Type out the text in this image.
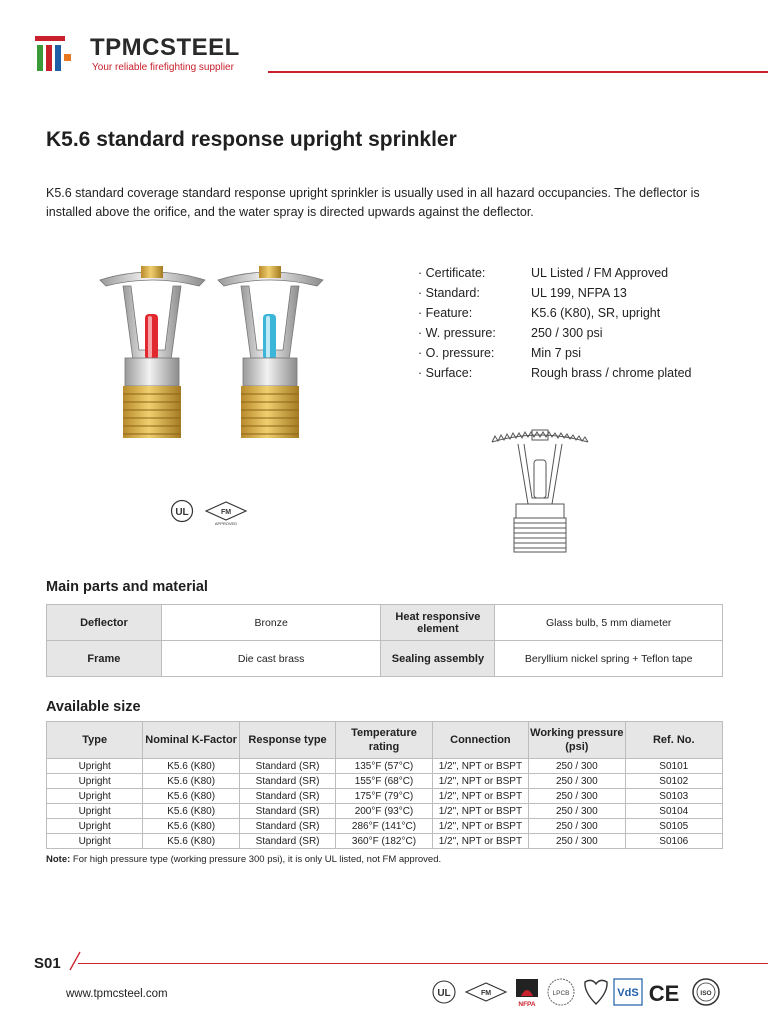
TPMCSTEEL
Your reliable firefighting supplier
K5.6 standard response upright sprinkler
K5.6 standard coverage standard response upright sprinkler is usually used in all hazard occupancies. The deflector is installed above the orifice, and the water spray is directed upwards against the deflector.
UL	FM
APPROVED
· Certificate:	UL Listed / FM Approved
· Standard:	UL 199, NFPA 13
· Feature:	K5.6 (K80), SR, upright
· W. pressure:	250 / 300 psi
· O. pressure:	Min 7 psi
· Surface:	Rough brass / chrome plated
Main parts and material
Deflector	Bronze	Heat responsive element	Glass bulb, 5 mm diameter
Frame	Die cast brass	Sealing assembly	Beryllium nickel spring + Teflon tape
Available size
Type	Nominal K-Factor	Response type	Temperature rating	Connection	Working pressure (psi)	Ref. No.
Upright	K5.6 (K80)	Standard (SR)	135°F (57°C)	1/2", NPT or BSPT	250 / 300	S0101
Upright	K5.6 (K80)	Standard (SR)	155°F (68°C)	1/2", NPT or BSPT	250 / 300	S0102
Upright	K5.6 (K80)	Standard (SR)	175°F (79°C)	1/2", NPT or BSPT	250 / 300	S0103
Upright	K5.6 (K80)	Standard (SR)	200°F (93°C)	1/2", NPT or BSPT	250 / 300	S0104
Upright	K5.6 (K80)	Standard (SR)	286°F (141°C)	1/2", NPT or BSPT	250 / 300	S0105
Upright	K5.6 (K80)	Standard (SR)	360°F (182°C)	1/2", NPT or BSPT	250 / 300	S0106
Note: For high pressure type (working pressure 300 psi), it is only UL listed, not FM approved.
S01
www.tpmcsteel.com	UL	FM
NFPA
LPCB	VdS CE	ISO
